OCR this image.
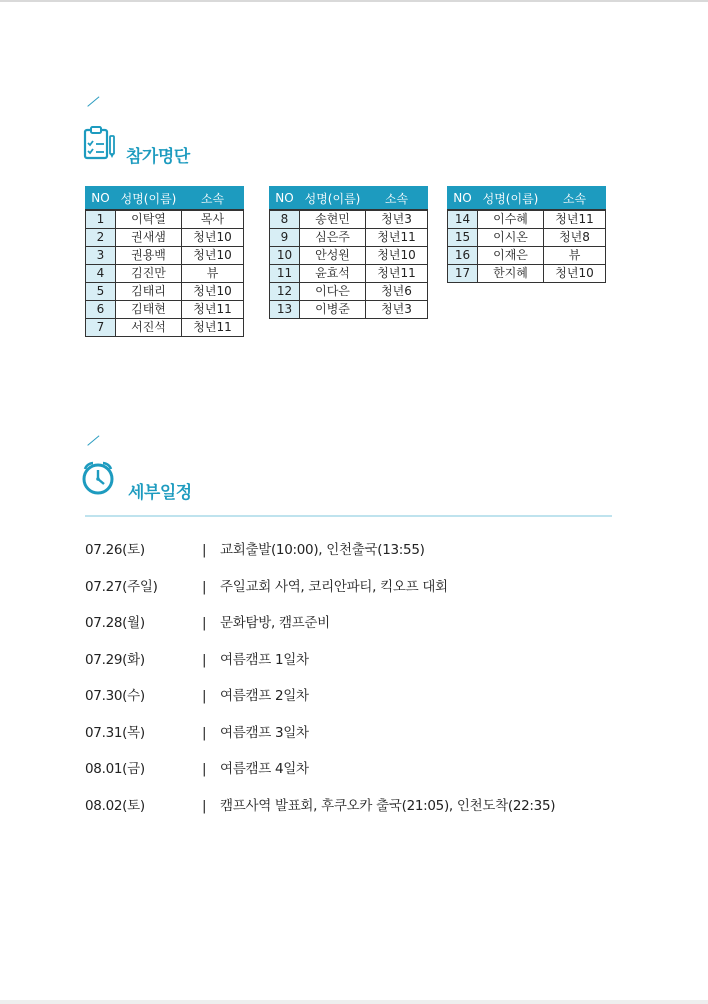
참가명단
NO	성명(이름)	소속
1	이탁열	목사
2	권새샘	청년10
3	권용백	청년10
4	김진만	뷰
5	김태리	청년10
6	김태현	청년11
7	서진석	청년11
NO	성명(이름)	소속
8	송현민	청년3
9	심은주	청년11
10	안성원	청년10
11	윤효석	청년11
12	이다은	청년6
13	이병준	청년3
NO	성명(이름)	소속
14	이수혜	청년11
15	이시온	청년8
16	이재은	뷰
17	한지혜	청년10
세부일정
07.26(토)	| 교회출발(10:00), 인천출국(13:55)
07.27(주일)	| 주일교회 사역, 코리안파티, 킥오프 대회
07.28(월)	| 문화탐방, 캠프준비
07.29(화)	| 여름캠프 1일차
07.30(수)	| 여름캠프 2일차
07.31(목)	| 여름캠프 3일차
08.01(금)	| 여름캠프 4일차
08.02(토)	| 캠프사역 발표회, 후쿠오카 출국(21:05), 인천도착(22:35)
